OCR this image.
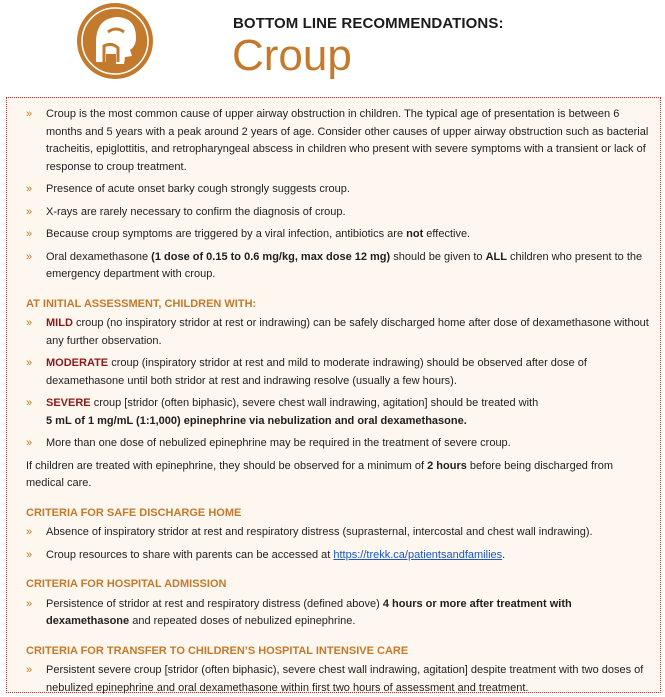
BOTTOM LINE RECOMMENDATIONS:
Croup
» Croup is the most common cause of upper airway obstruction in children. The typical age of presentation is between 6 months and 5 years with a peak around 2 years of age. Consider other causes of upper airway obstruction such as bacterial tracheitis, epiglottitis, and retropharyngeal abscess in children who present with severe symptoms with a transient or lack of response to croup treatment.
» Presence of acute onset barky cough strongly suggests croup.
» X-rays are rarely necessary to confirm the diagnosis of croup.
» Because croup symptoms are triggered by a viral infection, antibiotics are not effective.
» Oral dexamethasone (1 dose of 0.15 to 0.6 mg/kg, max dose 12 mg) should be given to ALL children who present to the emergency department with croup.
AT INITIAL ASSESSMENT, CHILDREN WITH:
» MILD croup (no inspiratory stridor at rest or indrawing) can be safely discharged home after dose of dexamethasone without any further observation.
» MODERATE croup (inspiratory stridor at rest and mild to moderate indrawing) should be observed after dose of dexamethasone until both stridor at rest and indrawing resolve (usually a few hours).
» SEVERE croup [stridor (often biphasic), severe chest wall indrawing, agitation] should be treated with
5 mL of 1 mg/mL (1:1,000) epinephrine via nebulization and oral dexamethasone.
» More than one dose of nebulized epinephrine may be required in the treatment of severe croup.
If children are treated with epinephrine, they should be observed for a minimum of 2 hours before being discharged from medical care.
CRITERIA FOR SAFE DISCHARGE HOME
» Absence of inspiratory stridor at rest and respiratory distress (suprasternal, intercostal and chest wall indrawing).
» Croup resources to share with parents can be accessed at https://trekk.ca/patientsandfamilies.
CRITERIA FOR HOSPITAL ADMISSION
» Persistence of stridor at rest and respiratory distress (defined above) 4 hours or more after treatment with dexamethasone and repeated doses of nebulized epinephrine.
CRITERIA FOR TRANSFER TO CHILDREN’S HOSPITAL INTENSIVE CARE
» Persistent severe croup [stridor (often biphasic), severe chest wall indrawing, agitation] despite treatment with two doses of nebulized epinephrine and oral dexamethasone within first two hours of assessment and treatment.
